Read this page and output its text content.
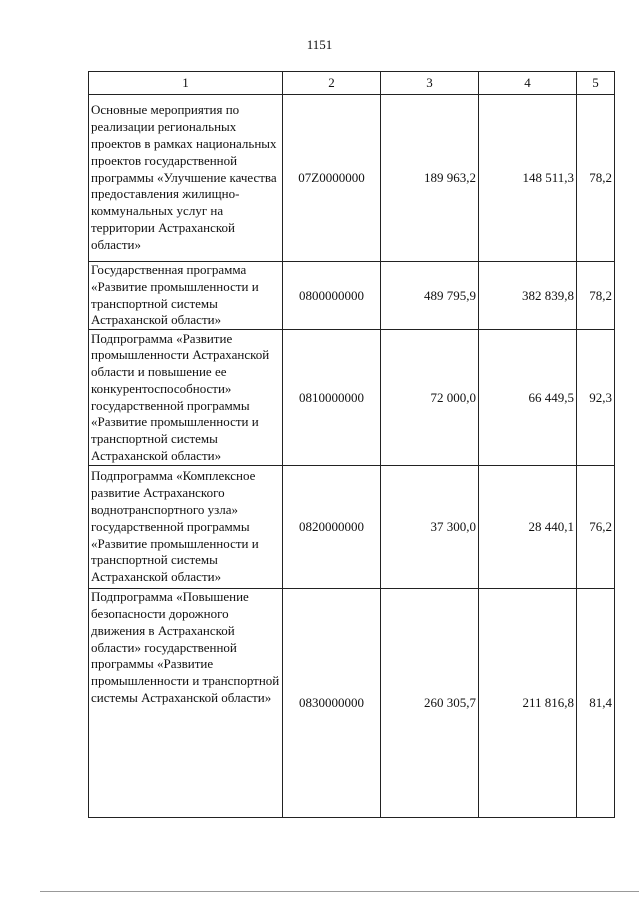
1151
1	2	3	4	5
Основные мероприятия по реализации региональных проектов в рамках национальных проектов государственной программы «Улучшение качества предоставления жилищно-коммунальных услуг на территории Астраханской области»	07Z0000000	189 963,2	148 511,3	78,2
Государственная программа «Развитие промышленности и транспортной системы Астраханской области»	0800000000	489 795,9	382 839,8	78,2
Подпрограмма «Развитие промышленности Астраханской области и повышение ее конкурентоспособности» государственной программы «Развитие промышленности и транспортной системы Астраханской области»	0810000000	72 000,0	66 449,5	92,3
Подпрограмма «Комплексное развитие Астраханского воднотранспортного узла» государственной программы «Развитие промышленности и транспортной системы Астраханской области»	0820000000	37 300,0	28 440,1	76,2
Подпрограмма «Повышение безопасности дорожного движения в Астраханской области» государственной программы «Развитие промышленности и транспортной системы Астраханской области»	0830000000	260 305,7	211 816,8	81,4
